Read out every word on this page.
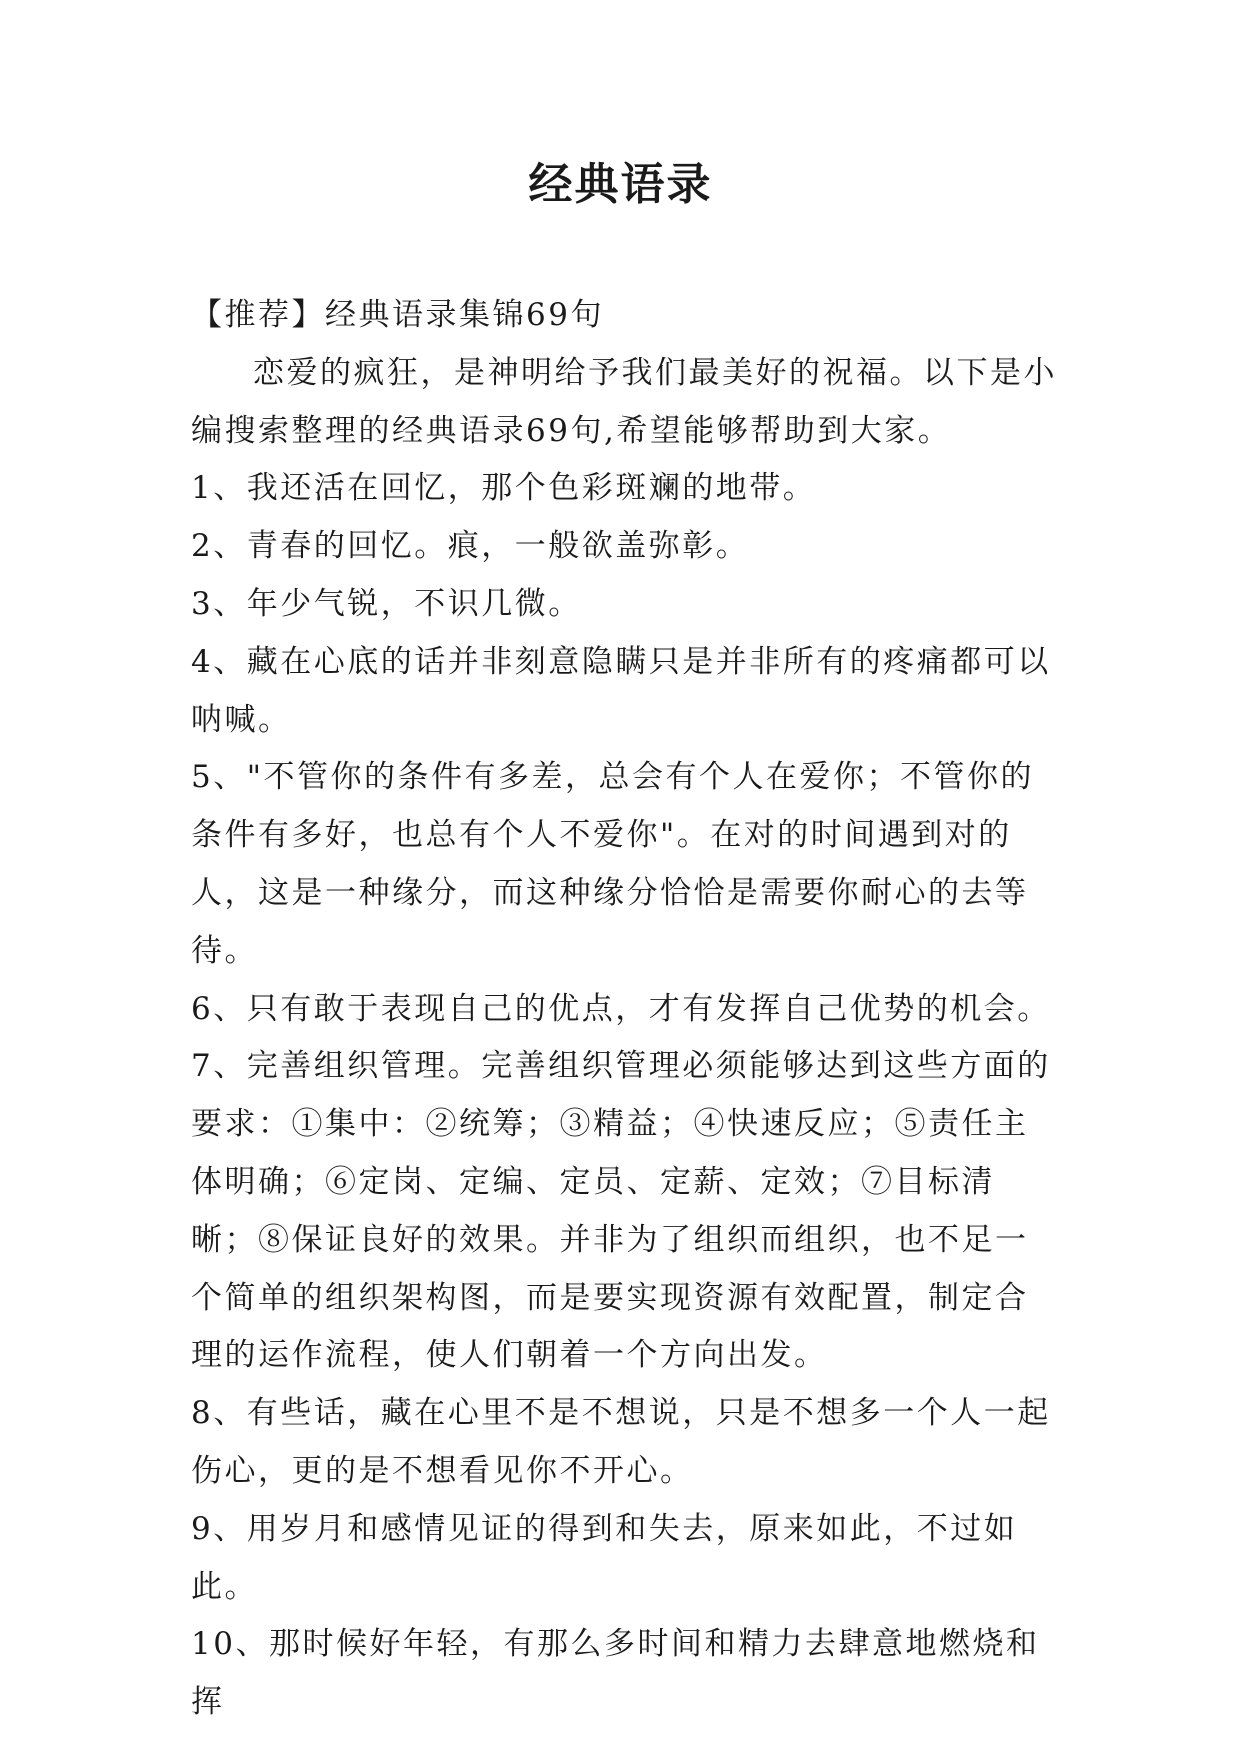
经典语录

【推荐】经典语录集锦69句

恋爱的疯狂，是神明给予我们最美好的祝福。以下是小编搜索整理的经典语录69句,希望能够帮助到大家。

1、我还活在回忆，那个色彩斑斓的地带。

2、青春的回忆。痕，一般欲盖弥彰。

3、年少气锐，不识几微。

4、藏在心底的话并非刻意隐瞒只是并非所有的疼痛都可以呐喊。

5、"不管你的条件有多差，总会有个人在爱你；不管你的条件有多好，也总有个人不爱你"。在对的时间遇到对的人，这是一种缘分，而这种缘分恰恰是需要你耐心的去等待。

6、只有敢于表现自己的优点，才有发挥自己优势的机会。

7、完善组织管理。完善组织管理必须能够达到这些方面的要求：①集中：②统筹；③精益；④快速反应；⑤责任主体明确；⑥定岗、定编、定员、定薪、定效；⑦目标清晰；⑧保证良好的效果。并非为了组织而组织，也不足一个简单的组织架构图，而是要实现资源有效配置，制定合理的运作流程，使人们朝着一个方向出发。

8、有些话，藏在心里不是不想说，只是不想多一个人一起伤心，更的是不想看见你不开心。

9、用岁月和感情见证的得到和失去，原来如此，不过如此。

10、那时候好年轻，有那么多时间和精力去肆意地燃烧和挥
